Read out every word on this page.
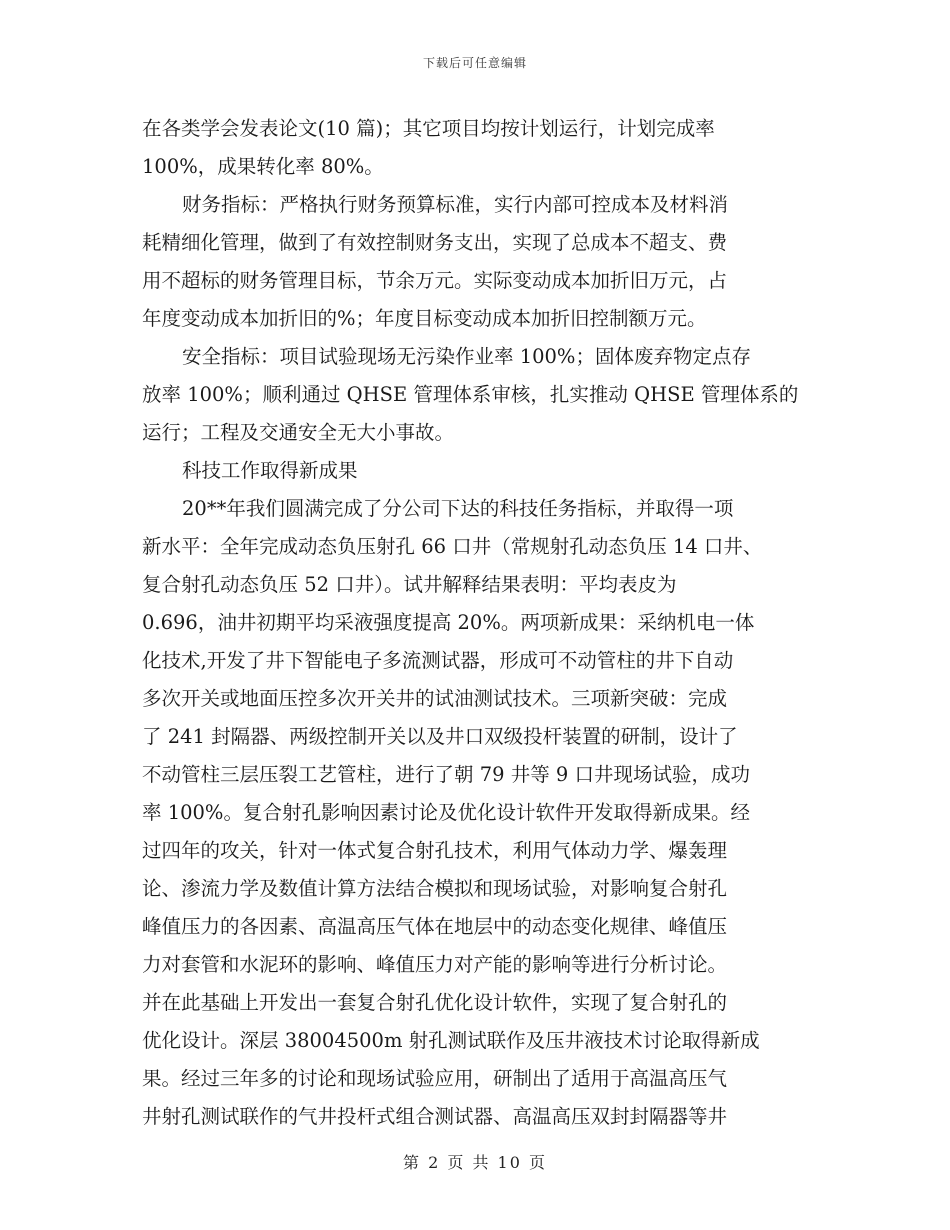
下载后可任意编辑
在各类学会发表论文(10 篇)；其它项目均按计划运行，计划完成率
100%，成果转化率 80%。
财务指标：严格执行财务预算标准，实行内部可控成本及材料消
耗精细化管理，做到了有效控制财务支出，实现了总成本不超支、费
用不超标的财务管理目标，节余万元。实际变动成本加折旧万元，占
年度变动成本加折旧的%；年度目标变动成本加折旧控制额万元。
安全指标：项目试验现场无污染作业率 100%；固体废弃物定点存
放率 100%；顺利通过 QHSE 管理体系审核，扎实推动 QHSE 管理体系的
运行；工程及交通安全无大小事故。
科技工作取得新成果
20**年我们圆满完成了分公司下达的科技任务指标，并取得一项
新水平：全年完成动态负压射孔 66 口井（常规射孔动态负压 14 口井、
复合射孔动态负压 52 口井）。试井解释结果表明：平均表皮为
0.696，油井初期平均采液强度提高 20%。两项新成果：采纳机电一体
化技术,开发了井下智能电子多流测试器，形成可不动管柱的井下自动
多次开关或地面压控多次开关井的试油测试技术。三项新突破：完成
了 241 封隔器、两级控制开关以及井口双级投杆装置的研制，设计了
不动管柱三层压裂工艺管柱，进行了朝 79 井等 9 口井现场试验，成功
率 100%。复合射孔影响因素讨论及优化设计软件开发取得新成果。经
过四年的攻关，针对一体式复合射孔技术，利用气体动力学、爆轰理
论、渗流力学及数值计算方法结合模拟和现场试验，对影响复合射孔
峰值压力的各因素、高温高压气体在地层中的动态变化规律、峰值压
力对套管和水泥环的影响、峰值压力对产能的影响等进行分析讨论。
并在此基础上开发出一套复合射孔优化设计软件，实现了复合射孔的
优化设计。深层 38004500m 射孔测试联作及压井液技术讨论取得新成
果。经过三年多的讨论和现场试验应用，研制出了适用于高温高压气
井射孔测试联作的气井投杆式组合测试器、高温高压双封封隔器等井
第 2 页 共 10 页
